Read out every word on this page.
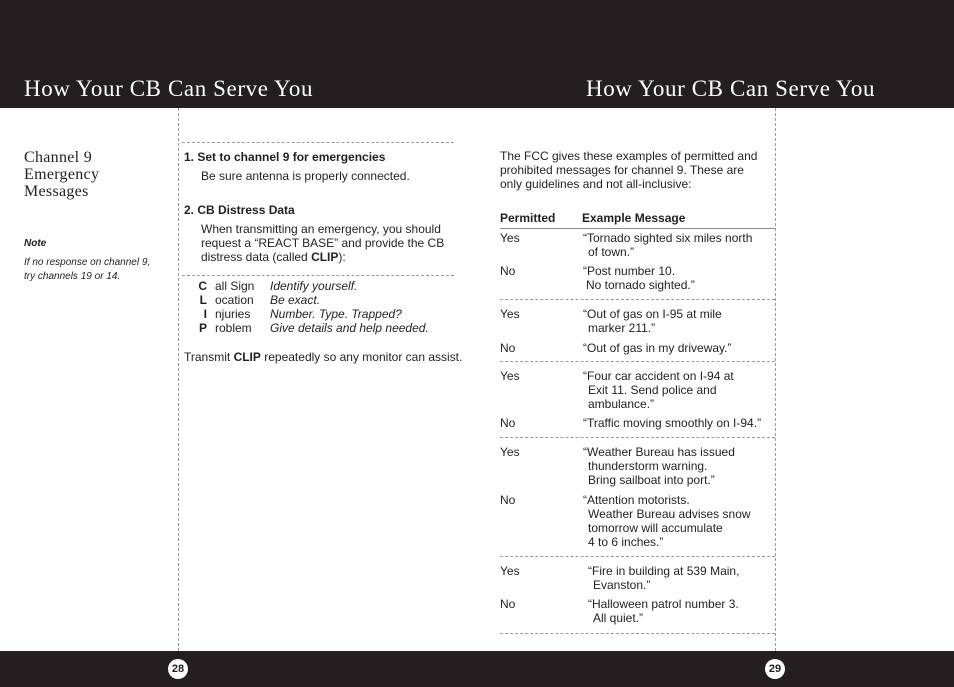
How Your CB Can Serve You	How Your CB Can Serve You
Channel 9
Emergency
Messages
Note
If no response on channel 9,
try channels 19 or 14.
1. Set to channel 9 for emergencies
Be sure antenna is properly connected.
2. CB Distress Data
When transmitting an emergency, you should
request a “REACT BASE” and provide the CB
distress data (called CLIP):
C all Sign Identify yourself.
L ocation Be exact.
I njuries Number. Type. Trapped?
P roblem Give details and help needed.
Transmit CLIP repeatedly so any monitor can assist.
The FCC gives these examples of permitted and
prohibited messages for channel 9. These are
only guidelines and not all-inclusive:
Permitted Example Message
Yes	“Tornado sighted six miles north
of town.”
No	“Post number 10.
No tornado sighted.”
Yes	“Out of gas on I-95 at mile
marker 211.”
No	“Out of gas in my driveway.”
Yes	“Four car accident on I-94 at
Exit 11. Send police and
ambulance.”
No	“Traffic moving smoothly on I-94.”
Yes	“Weather Bureau has issued
thunderstorm warning.
Bring sailboat into port.”
No	“Attention motorists.
Weather Bureau advises snow
tomorrow will accumulate
4 to 6 inches.”
Yes	“Fire in building at 539 Main,
Evanston.”
No	“Halloween patrol number 3.
All quiet.”
28	29
